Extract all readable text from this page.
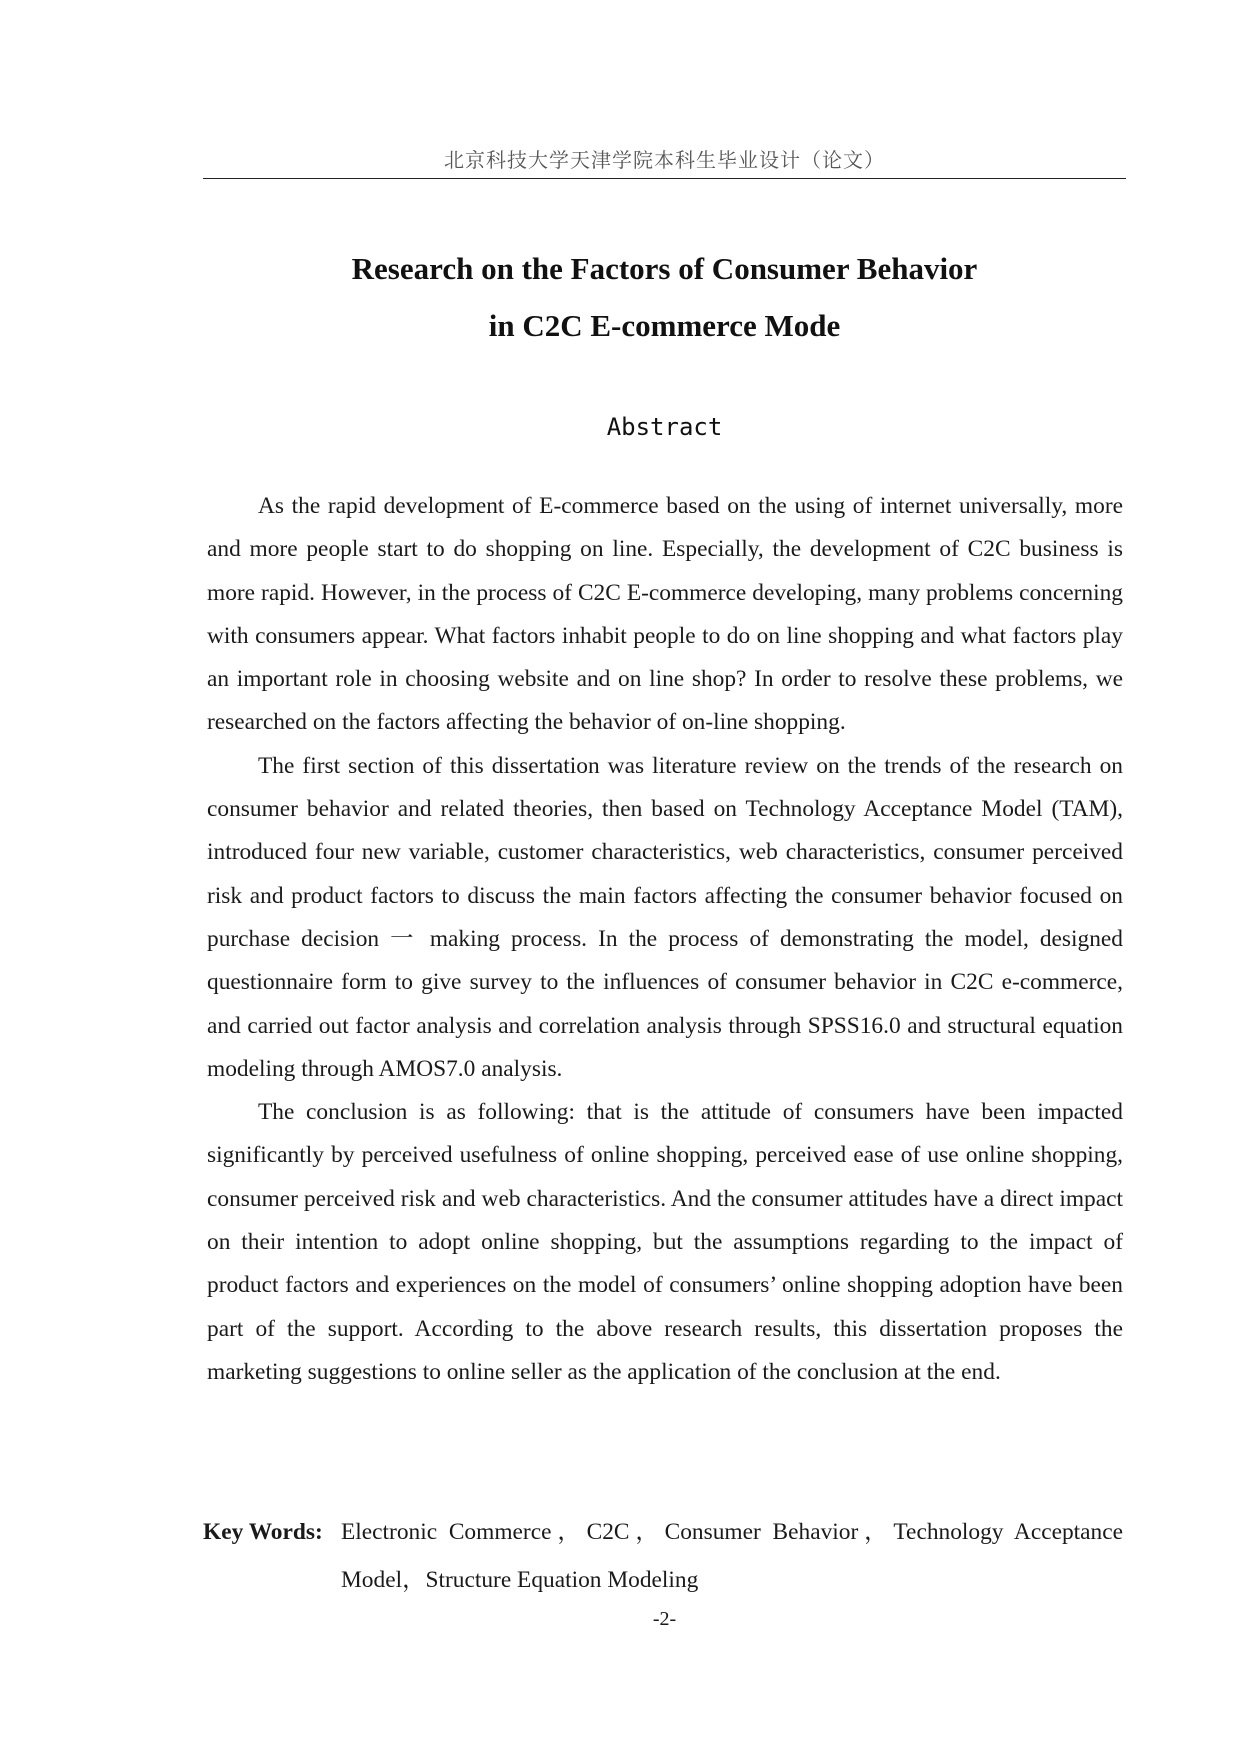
北京科技大学天津学院本科生毕业设计（论文）
Research on the Factors of Consumer Behavior
in C2C E-commerce Mode
Abstract

As the rapid development of E-commerce based on the using of internet universally, more and more people start to do shopping on line. Especially, the development of C2C business is more rapid. However, in the process of C2C E-commerce developing, many problems concerning with consumers appear. What factors inhabit people to do on line shopping and what factors play an important role in choosing website and on line shop? In order to resolve these problems, we researched on the factors affecting the behavior of on-line shopping.

The first section of this dissertation was literature review on the trends of the research on consumer behavior and related theories, then based on Technology Acceptance Model (TAM), introduced four new variable, customer characteristics, web characteristics, consumer perceived risk and product factors to discuss the main factors affecting the consumer behavior focused on purchase decision 一 making process. In the process of demonstrating the model, designed questionnaire form to give survey to the influences of consumer behavior in C2C e-commerce, and carried out factor analysis and correlation analysis through SPSS16.0 and structural equation modeling through AMOS7.0 analysis.

The conclusion is as following: that is the attitude of consumers have been impacted significantly by perceived usefulness of online shopping, perceived ease of use online shopping, consumer perceived risk and web characteristics. And the consumer attitudes have a direct impact on their intention to adopt online shopping, but the assumptions regarding to the impact of product factors and experiences on the model of consumers’ online shopping adoption have been part of the support. According to the above research results, this dissertation proposes the marketing suggestions to online seller as the application of the conclusion at the end.

Key Words: Electronic Commerce，C2C，Consumer Behavior，Technology Acceptance Model，Structure Equation Modeling
-2-
